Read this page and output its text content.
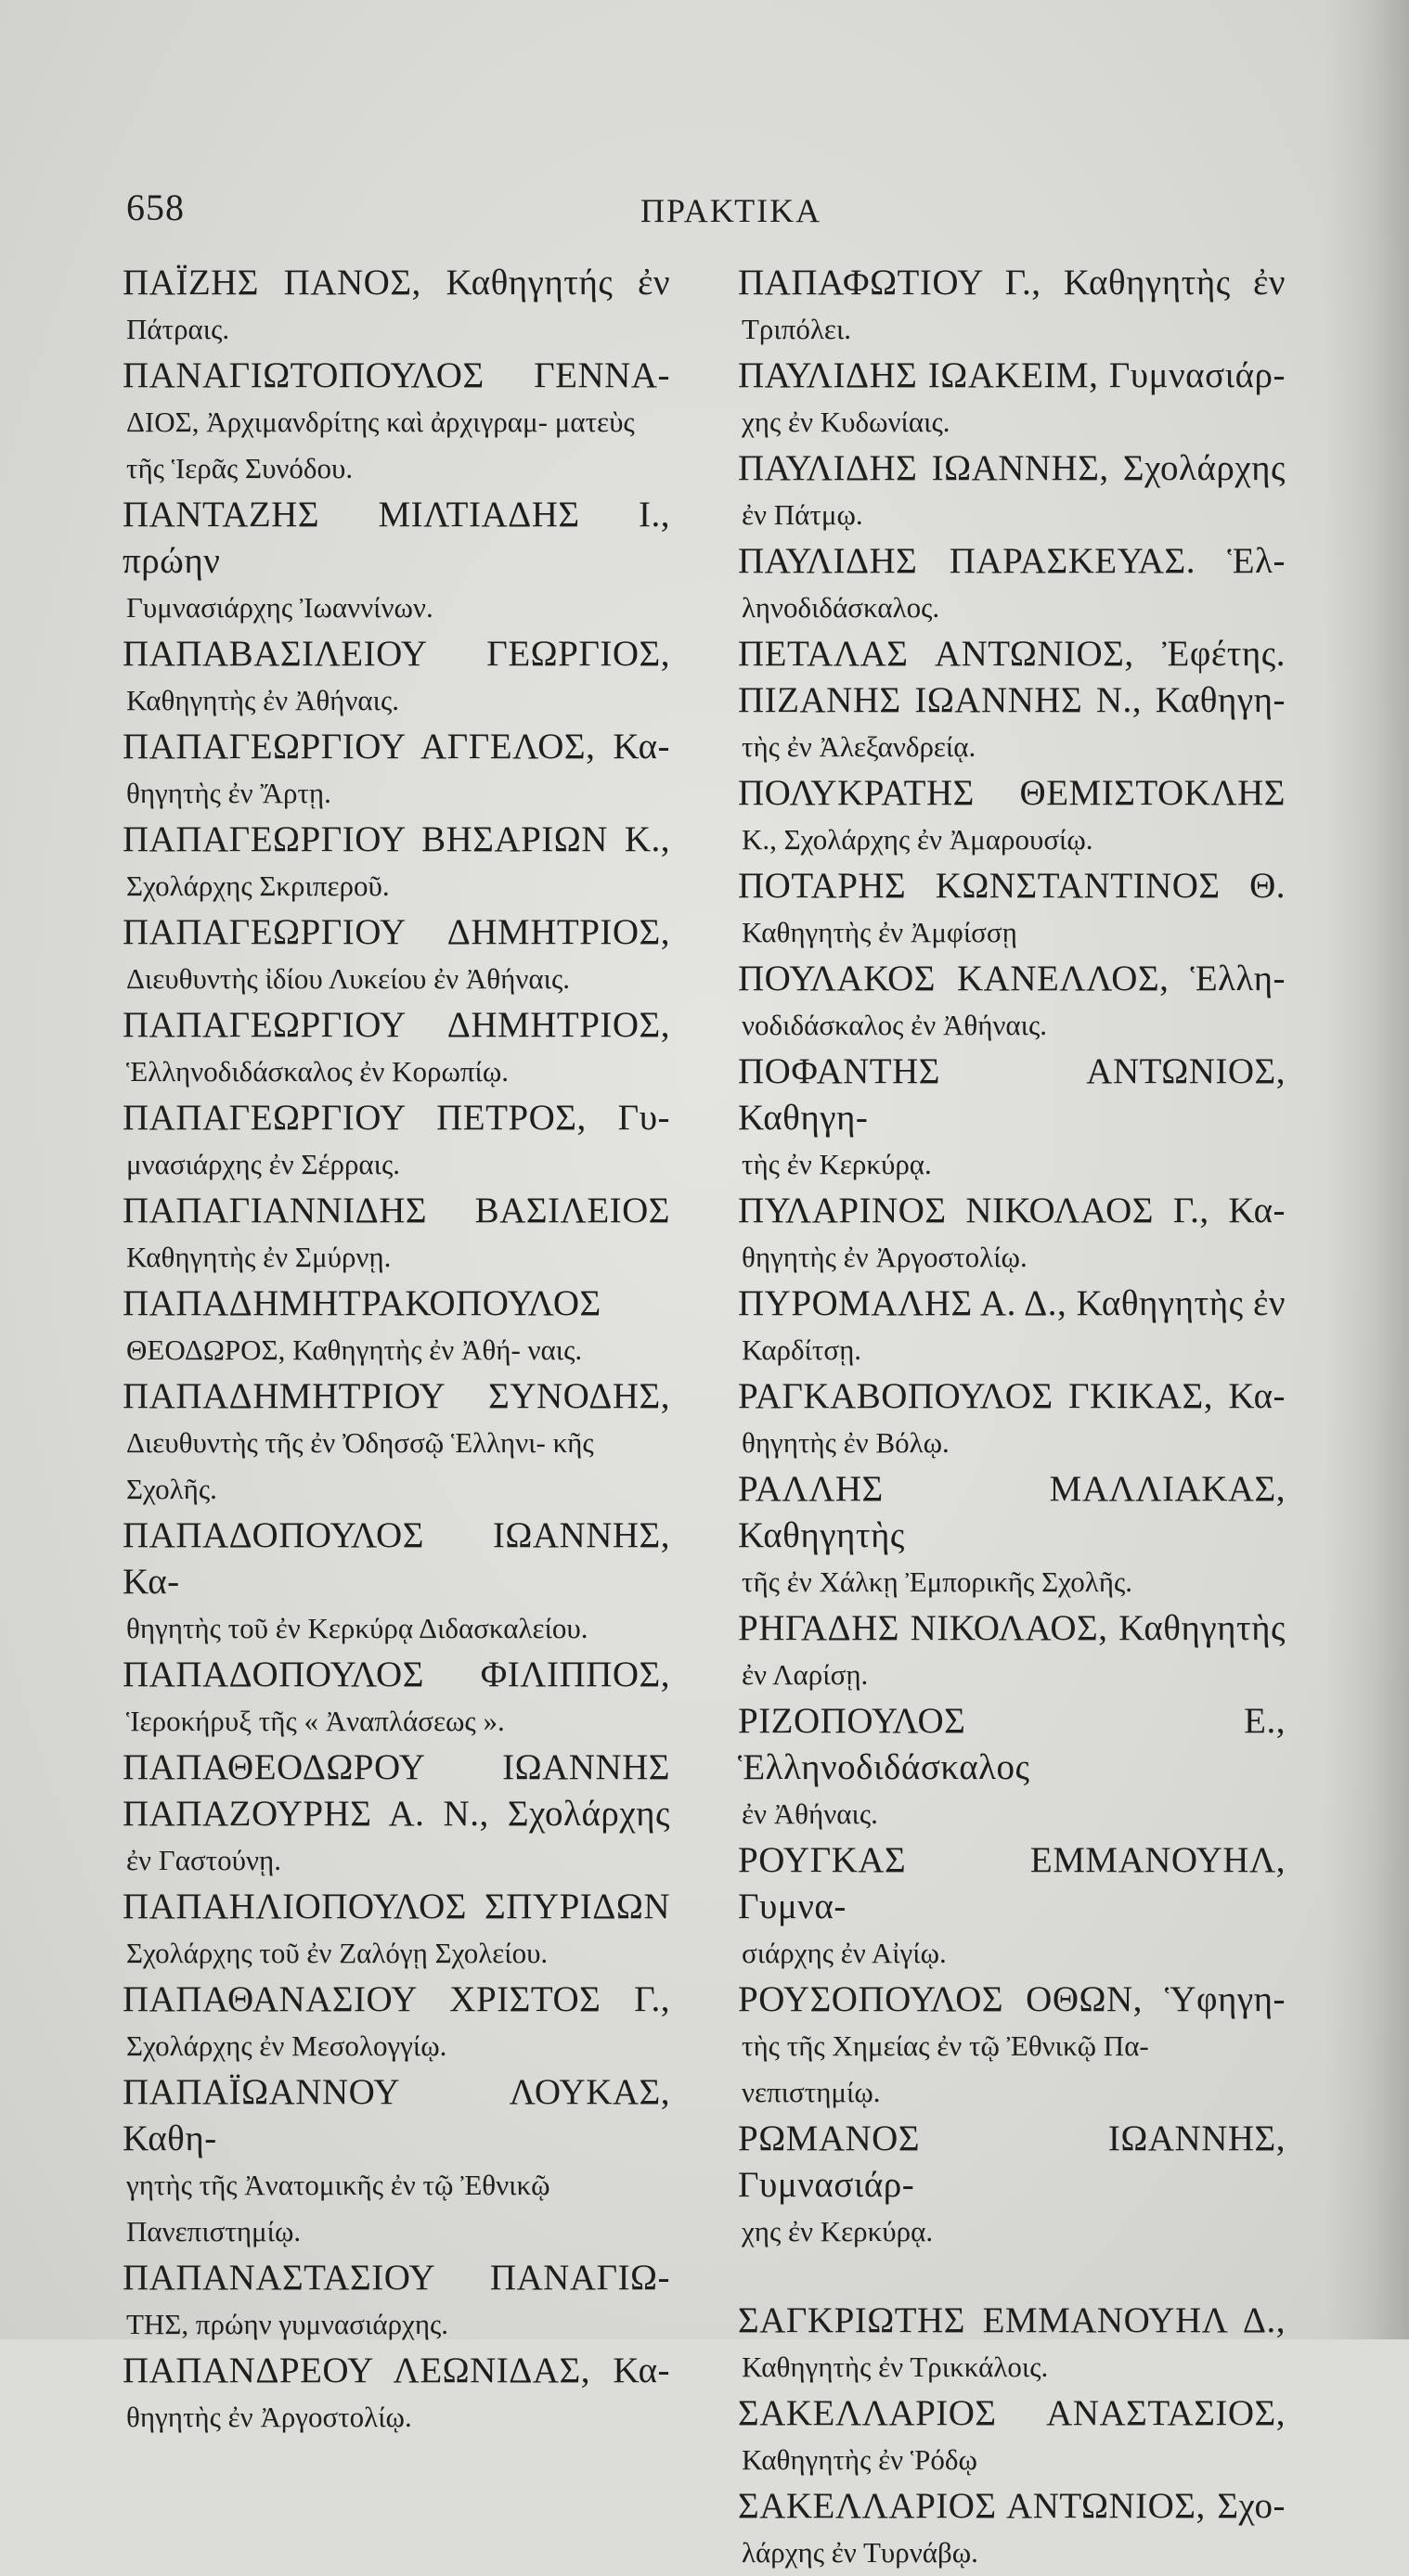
658	ΠΡΑΚΤΙΚΑ
ΠΑΪΖΗΣ ΠΑΝΟΣ, Καθηγητής ἐν
Πάτραις.
ΠΑΝΑΓΙΩΤΟΠΟΥΛΟΣ ΓΕΝΝΑ-
ΔΙΟΣ, Ἀρχιμανδρίτης καὶ ἀρχιγραμ- ματεὺς τῆς Ἱερᾶς Συνόδου.
ΠΑΝΤΑΖΗΣ ΜΙΛΤΙΑΔΗΣ Ι., πρώην
Γυμνασιάρχης Ἰωαννίνων.
ΠΑΠΑΒΑΣΙΛΕΙΟΥ ΓΕΩΡΓΙΟΣ,
Καθηγητὴς ἐν Ἀθήναις.
ΠΑΠΑΓΕΩΡΓΙΟΥ ΑΓΓΕΛΟΣ, Κα-
θηγητὴς ἐν Ἄρτῃ.
ΠΑΠΑΓΕΩΡΓΙΟΥ ΒΗΣΑΡΙΩΝ Κ.,
Σχολάρχης Σκριπεροῦ.
ΠΑΠΑΓΕΩΡΓΙΟΥ ΔΗΜΗΤΡΙΟΣ,
Διευθυντὴς ἰδίου Λυκείου ἐν Ἀθήναις.
ΠΑΠΑΓΕΩΡΓΙΟΥ ΔΗΜΗΤΡΙΟΣ,
Ἑλληνοδιδάσκαλος ἐν Κορωπίῳ.
ΠΑΠΑΓΕΩΡΓΙΟΥ ΠΕΤΡΟΣ, Γυ-
μνασιάρχης ἐν Σέρραις.
ΠΑΠΑΓΙΑΝΝΙΔΗΣ ΒΑΣΙΛΕΙΟΣ
Καθηγητὴς ἐν Σμύρνῃ.
ΠΑΠΑΔΗΜΗΤΡΑΚΟΠΟΥΛΟΣ
ΘΕΟΔΩΡΟΣ, Καθηγητὴς ἐν Ἀθή- ναις.
ΠΑΠΑΔΗΜΗΤΡΙΟΥ ΣΥΝΟΔΗΣ,
Διευθυντὴς τῆς ἐν Ὀδησσῷ Ἑλληνι- κῆς Σχολῆς.
ΠΑΠΑΔΟΠΟΥΛΟΣ ΙΩΑΝΝΗΣ, Κα-
θηγητὴς τοῦ ἐν Κερκύρᾳ Διδασκαλείου.
ΠΑΠΑΔΟΠΟΥΛΟΣ ΦΙΛΙΠΠΟΣ,
Ἱεροκήρυξ τῆς « Ἀναπλάσεως ».
ΠΑΠΑΘΕΟΔΩΡΟΥ ΙΩΑΝΝΗΣ
ΠΑΠΑΖΟΥΡΗΣ Α. Ν., Σχολάρχης
ἐν Γαστούνῃ.
ΠΑΠΑΗΛΙΟΠΟΥΛΟΣ ΣΠΥΡΙΔΩΝ
Σχολάρχης τοῦ ἐν Ζαλόγῃ Σχολείου.
ΠΑΠΑΘΑΝΑΣΙΟΥ ΧΡΙΣΤΟΣ Γ.,
Σχολάρχης ἐν Μεσολογγίῳ.
ΠΑΠΑΪΩΑΝΝΟΥ ΛΟΥΚΑΣ, Καθη-
γητὴς τῆς Ἀνατομικῆς ἐν τῷ Ἐθνικῷ Πανεπιστημίῳ.
ΠΑΠΑΝΑΣΤΑΣΙΟΥ ΠΑΝΑΓΙΩ-
ΤΗΣ, πρώην γυμνασιάρχης.
ΠΑΠΑΝΔΡΕΟΥ ΛΕΩΝΙΔΑΣ, Κα-
θηγητὴς ἐν Ἀργοστολίῳ.
ΠΑΠΑΦΩΤΙΟΥ Γ., Καθηγητὴς ἐν
Τριπόλει.
ΠΑΥΛΙΔΗΣ ΙΩΑΚΕΙΜ, Γυμνασιάρ-
χης ἐν Κυδωνίαις.
ΠΑΥΛΙΔΗΣ ΙΩΑΝΝΗΣ, Σχολάρχης
ἐν Πάτμῳ.
ΠΑΥΛΙΔΗΣ ΠΑΡΑΣΚΕΥΑΣ. Ἑλ-
ληνοδιδάσκαλος.
ΠΕΤΑΛΑΣ ΑΝΤΩΝΙΟΣ, Ἐφέτης.
ΠΙΖΑΝΗΣ ΙΩΑΝΝΗΣ Ν., Καθηγη-
τὴς ἐν Ἀλεξανδρείᾳ.
ΠΟΛΥΚΡΑΤΗΣ ΘΕΜΙΣΤΟΚΛΗΣ
Κ., Σχολάρχης ἐν Ἀμαρουσίῳ.
ΠΟΤΑΡΗΣ ΚΩΝΣΤΑΝΤΙΝΟΣ Θ.
Καθηγητὴς ἐν Ἀμφίσσῃ
ΠΟΥΛΑΚΟΣ ΚΑΝΕΛΛΟΣ, Ἑλλη-
νοδιδάσκαλος ἐν Ἀθήναις.
ΠΟΦΑΝΤΗΣ ΑΝΤΩΝΙΟΣ, Καθηγη-
τὴς ἐν Κερκύρᾳ.
ΠΥΛΑΡΙΝΟΣ ΝΙΚΟΛΑΟΣ Γ., Κα-
θηγητὴς ἐν Ἀργοστολίῳ.
ΠΥΡΟΜΑΛΗΣ Α. Δ., Καθηγητὴς ἐν
Καρδίτσῃ.
ΡΑΓΚΑΒΟΠΟΥΛΟΣ ΓΚΙΚΑΣ, Κα-
θηγητὴς ἐν Βόλῳ.
ΡΑΛΛΗΣ ΜΑΛΛΙΑΚΑΣ, Καθηγητὴς
τῆς ἐν Χάλκῃ Ἐμπορικῆς Σχολῆς.
ΡΗΓΑΔΗΣ ΝΙΚΟΛΑΟΣ, Καθηγητὴς
ἐν Λαρίσῃ.
ΡΙΖΟΠΟΥΛΟΣ Ε., Ἑλληνοδιδάσκαλος
ἐν Ἀθήναις.
ΡΟΥΓΚΑΣ ΕΜΜΑΝΟΥΗΛ, Γυμνα-
σιάρχης ἐν Αἰγίῳ.
ΡΟΥΣΟΠΟΥΛΟΣ ΟΘΩΝ, Ὑφηγη-
τὴς τῆς Χημείας ἐν τῷ Ἐθνικῷ Πα- νεπιστημίῳ.
ΡΩΜΑΝΟΣ ΙΩΑΝΝΗΣ, Γυμνασιάρ-
χης ἐν Κερκύρᾳ.
ΣΑΓΚΡΙΩΤΗΣ ΕΜΜΑΝΟΥΗΛ Δ.,
Καθηγητὴς ἐν Τρικκάλοις.
ΣΑΚΕΛΛΑΡΙΟΣ ΑΝΑΣΤΑΣΙΟΣ,
Καθηγητὴς ἐν Ῥόδῳ
ΣΑΚΕΛΛΑΡΙΟΣ ΑΝΤΩΝΙΟΣ, Σχο-
λάρχης ἐν Τυρνάβῳ.
